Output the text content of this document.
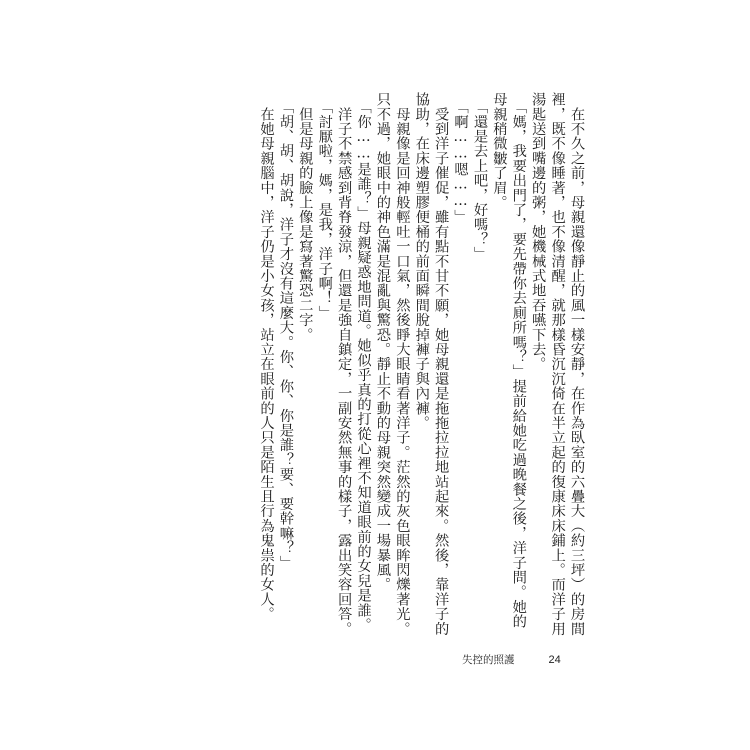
　在不久之前，母親還像靜止的風一樣安靜，在作為臥室的六疊大（約三坪）的房間

裡，既不像睡著，也不像清醒，就那樣昏沉沉倚在半立起的復康床床鋪上。而洋子用

湯匙送到嘴邊的粥，她機械式地吞嚥下去。

　「媽，我要出門了，要先帶你去廁所嗎？」提前給她吃過晚餐之後，洋子問。她的

母親稍微皺了眉。

　「還是去上吧，好嗎？」

　「啊……嗯……」

　受到洋子催促，雖有點不甘不願，她母親還是拖拖拉拉地站起來。然後，靠洋子的

協助，在床邊塑膠便桶的前面瞬間脫掉褲子與內褲。

　母親像是回神般輕吐一口氣，然後睜大眼睛看著洋子。茫然的灰色眼眸閃爍著光。

只不過，她眼中的神色滿是混亂與驚恐。靜止不動的母親突然變成一場暴風。

　「你……是誰？」母親疑惑地問道。她似乎真的打從心裡不知道眼前的女兒是誰。

　洋子不禁感到背脊發涼，但還是強自鎮定，一副安然無事的樣子，露出笑容回答。

　「討厭啦，媽，是我，洋子啊！」

　但是母親的臉上像是寫著驚恐二字。

　「胡、胡、胡說，洋子才沒有這麼大。你、你、你是誰？要、要幹嘛？」

　在她母親腦中，洋子仍是小女孩，站立在眼前的人只是陌生且行為鬼祟的女人。

失控的照護	24
